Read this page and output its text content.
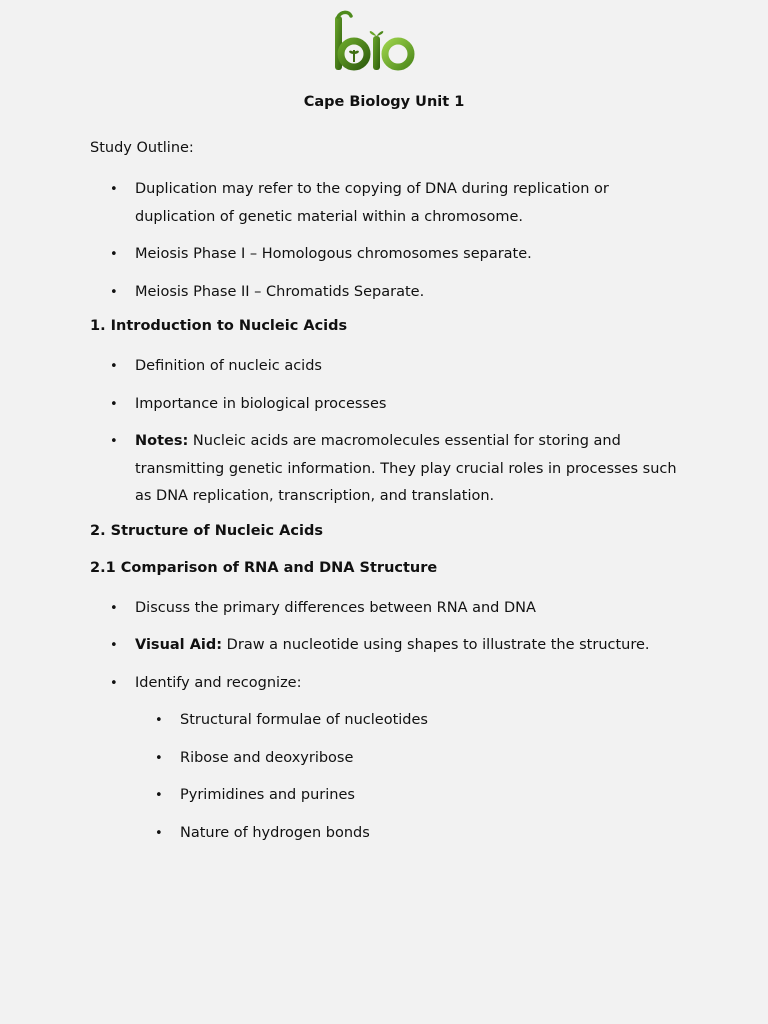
Cape Biology Unit 1

Study Outline:

• Duplication may refer to the copying of DNA during replication or duplication of genetic material within a chromosome.
• Meiosis Phase I – Homologous chromosomes separate.
• Meiosis Phase II – Chromatids Separate.

1. Introduction to Nucleic Acids

• Definition of nucleic acids
• Importance in biological processes
• Notes: Nucleic acids are macromolecules essential for storing and transmitting genetic information. They play crucial roles in processes such as DNA replication, transcription, and translation.

2. Structure of Nucleic Acids

2.1 Comparison of RNA and DNA Structure

• Discuss the primary differences between RNA and DNA
• Visual Aid: Draw a nucleotide using shapes to illustrate the structure.
• Identify and recognize:
• Structural formulae of nucleotides
• Ribose and deoxyribose
• Pyrimidines and purines
• Nature of hydrogen bonds
